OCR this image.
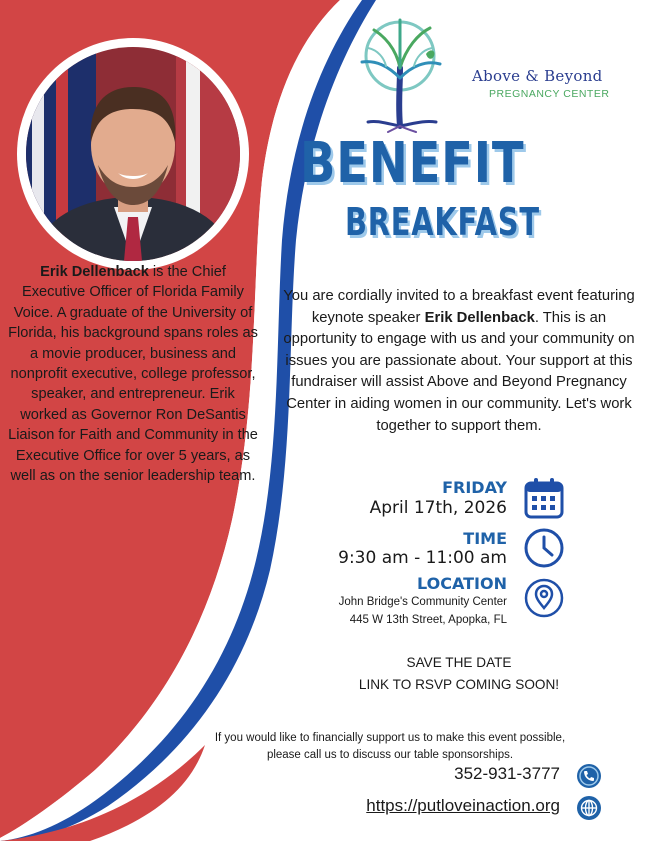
Erik Dellenback is the Chief Executive Officer of Florida Family Voice. A graduate of the University of Florida, his background spans roles as a movie producer, business and nonprofit executive, college professor, speaker, and entrepreneur. Erik worked as Governor Ron DeSantis Liaison for Faith and Community in the Executive Office for over 5 years, as well as on the senior leadership team.
Above & Beyond
PREGNANCY CENTER
BENEFIT
BREAKFAST
You are cordially invited to a breakfast event featuring keynote speaker Erik Dellenback. This is an opportunity to engage with us and your community on issues you are passionate about. Your support at this fundraiser will assist Above and Beyond Pregnancy Center in aiding women in our community. Let's work together to support them.
FRIDAY
April 17th, 2026
TIME
9:30 am - 11:00 am
LOCATION
John Bridge's Community Center
445 W 13th Street, Apopka, FL
SAVE THE DATE
LINK TO RSVP COMING SOON!
If you would like to financially support us to make this event possible, please call us to discuss our table sponsorships.
352-931-3777
https://putloveinaction.org
